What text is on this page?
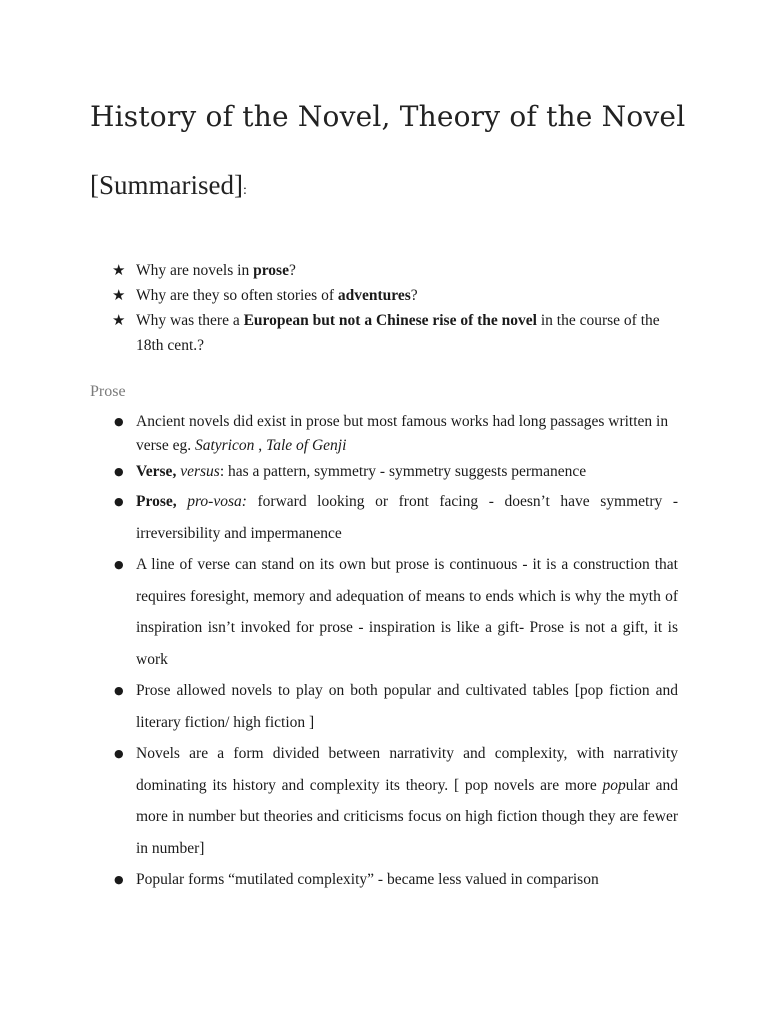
History of the Novel, Theory of the Novel

[Summarised]:

★ Why are novels in prose?
★ Why are they so often stories of adventures?
★ Why was there a European but not a Chinese rise of the novel in the course of the 18th cent.?
Prose
● Ancient novels did exist in prose but most famous works had long passages written in verse eg. Satyricon , Tale of Genji
● Verse, versus: has a pattern, symmetry - symmetry suggests permanence
● Prose, pro-vosa: forward looking or front facing - doesn’t have symmetry - irreversibility and impermanence
● A line of verse can stand on its own but prose is continuous - it is a construction that requires foresight, memory and adequation of means to ends which is why the myth of inspiration isn’t invoked for prose - inspiration is like a gift- Prose is not a gift, it is work
● Prose allowed novels to play on both popular and cultivated tables [pop fiction and literary fiction/ high fiction ]
● Novels are a form divided between narrativity and complexity, with narrativity dominating its history and complexity its theory. [ pop novels are more popular and more in number but theories and criticisms focus on high fiction though they are fewer in number]
● Popular forms “mutilated complexity” - became less valued in comparison
